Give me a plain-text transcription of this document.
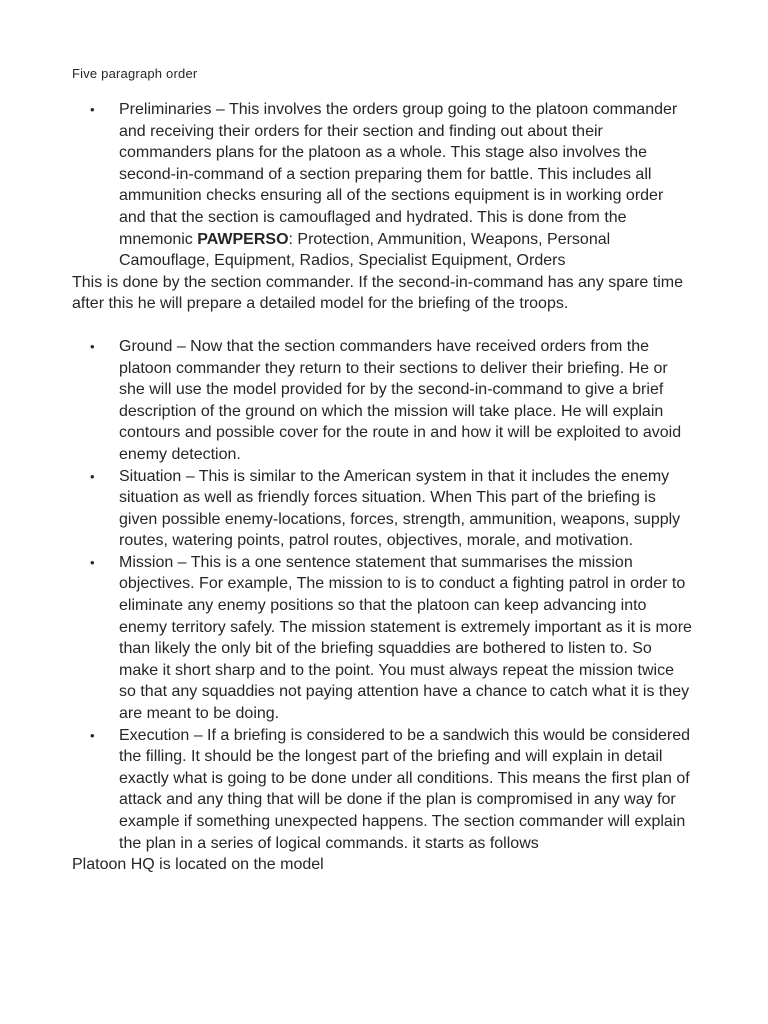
Five paragraph order

• Preliminaries – This involves the orders group going to the platoon commander and receiving their orders for their section and finding out about their commanders plans for the platoon as a whole. This stage also involves the second-in-command of a section preparing them for battle. This includes all ammunition checks ensuring all of the sections equipment is in working order and that the section is camouflaged and hydrated. This is done from the mnemonic PAWPERSO: Protection, Ammunition, Weapons, Personal Camouflage, Equipment, Radios, Specialist Equipment, Orders

This is done by the section commander. If the second-in-command has any spare time after this he will prepare a detailed model for the briefing of the troops.

• Ground – Now that the section commanders have received orders from the platoon commander they return to their sections to deliver their briefing. He or she will use the model provided for by the second-in-command to give a brief description of the ground on which the mission will take place. He will explain contours and possible cover for the route in and how it will be exploited to avoid enemy detection.
• Situation – This is similar to the American system in that it includes the enemy situation as well as friendly forces situation. When This part of the briefing is given possible enemy-locations, forces, strength, ammunition, weapons, supply routes, watering points, patrol routes, objectives, morale, and motivation.
• Mission – This is a one sentence statement that summarises the mission objectives. For example, The mission to is to conduct a fighting patrol in order to eliminate any enemy positions so that the platoon can keep advancing into enemy territory safely. The mission statement is extremely important as it is more than likely the only bit of the briefing squaddies are bothered to listen to. So make it short sharp and to the point. You must always repeat the mission twice so that any squaddies not paying attention have a chance to catch what it is they are meant to be doing.
• Execution – If a briefing is considered to be a sandwich this would be considered the filling. It should be the longest part of the briefing and will explain in detail exactly what is going to be done under all conditions. This means the first plan of attack and any thing that will be done if the plan is compromised in any way for example if something unexpected happens. The section commander will explain the plan in a series of logical commands. it starts as follows

Platoon HQ is located on the model
